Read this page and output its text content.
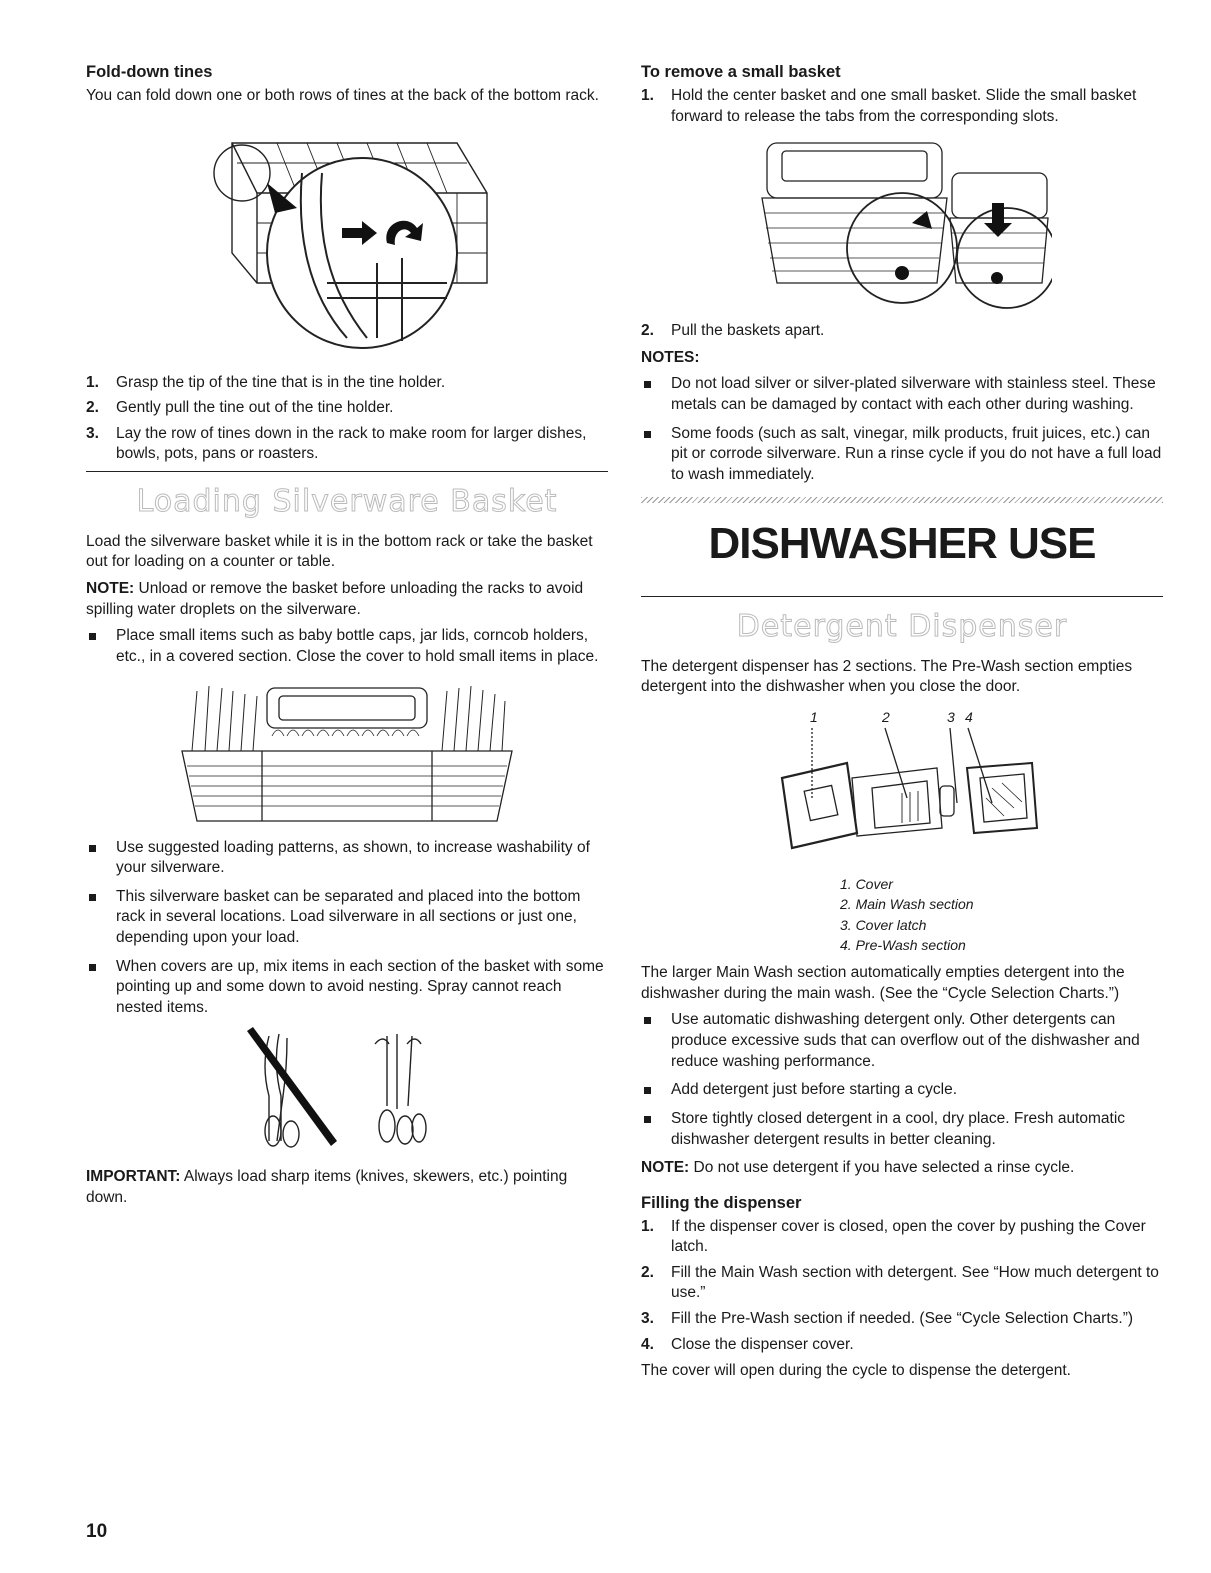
Fold-down tines

You can fold down one or both rows of tines at the back of the bottom rack.

1. Grasp the tip of the tine that is in the tine holder.
2. Gently pull the tine out of the tine holder.
3. Lay the row of tines down in the rack to make room for larger dishes, bowls, pots, pans or roasters.
Loading Silverware Basket

Load the silverware basket while it is in the bottom rack or take the basket out for loading on a counter or table.

NOTE: Unload or remove the basket before unloading the racks to avoid spilling water droplets on the silverware.

Place small items such as baby bottle caps, jar lids, corncob holders, etc., in a covered section. Close the cover to hold small items in place.
Use suggested loading patterns, as shown, to increase washability of your silverware.
This silverware basket can be separated and placed into the bottom rack in several locations. Load silverware in all sections or just one, depending upon your load.
When covers are up, mix items in each section of the basket with some pointing up and some down to avoid nesting. Spray cannot reach nested items.

IMPORTANT: Always load sharp items (knives, skewers, etc.) pointing down.

To remove a small basket
1. Hold the center basket and one small basket. Slide the small basket forward to release the tabs from the corresponding slots.
2. Pull the baskets apart.

NOTES:

Do not load silver or silver-plated silverware with stainless steel. These metals can be damaged by contact with each other during washing.
Some foods (such as salt, vinegar, milk products, fruit juices, etc.) can pit or corrode silverware. Run a rinse cycle if you do not have a full load to wash immediately.
DISHWASHER USE
Detergent Dispenser

The detergent dispenser has 2 sections. The Pre-Wash section empties detergent into the dishwasher when you close the door.

1	2	3 4
1. Cover
2. Main Wash section
3. Cover latch
4. Pre-Wash section

The larger Main Wash section automatically empties detergent into the dishwasher during the main wash. (See the “Cycle Selection Charts.”)

Use automatic dishwashing detergent only. Other detergents can produce excessive suds that can overflow out of the dishwasher and reduce washing performance.
Add detergent just before starting a cycle.
Store tightly closed detergent in a cool, dry place. Fresh automatic dishwasher detergent results in better cleaning.

NOTE: Do not use detergent if you have selected a rinse cycle.

Filling the dispenser
1. If the dispenser cover is closed, open the cover by pushing the Cover latch.
2. Fill the Main Wash section with detergent. See “How much detergent to use.”
3. Fill the Pre-Wash section if needed. (See “Cycle Selection Charts.”)
4. Close the dispenser cover.

The cover will open during the cycle to dispense the detergent.

10
